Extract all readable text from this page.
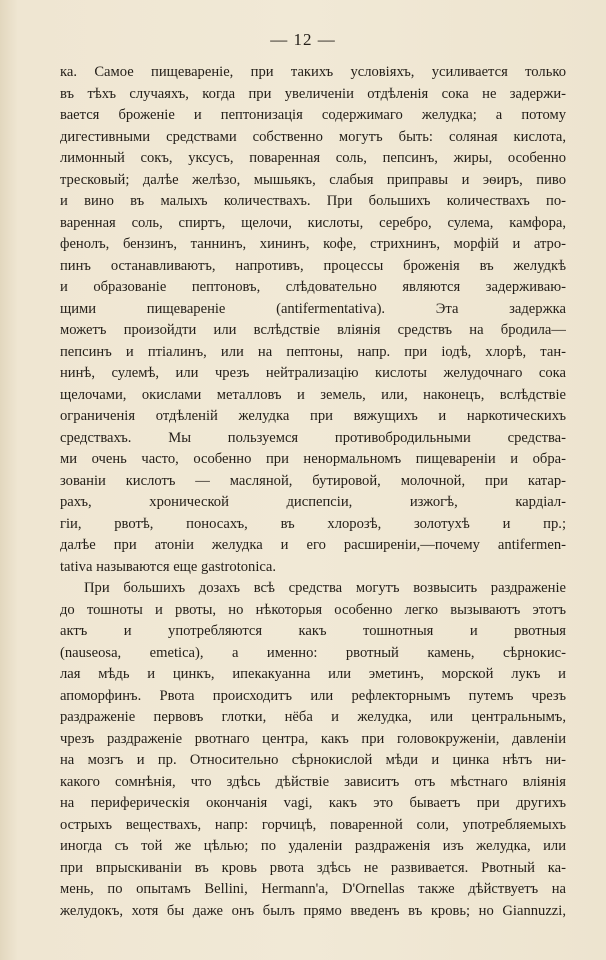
— 12 —
ка. Самое пищевареніе, при такихъ условіяхъ, усиливается только
въ тѣхъ случаяхъ, когда при увеличеніи отдѣленія сока не задержи-
вается броженіе и пептонизація содержимаго желудка; а потому
дигестивными средствами собственно могутъ быть: соляная кислота,
лимонный сокъ, уксусъ, поваренная соль, пепсинъ, жиры, особенно
тресковый; далѣе желѣзо, мышьякъ, слабыя приправы и эѳиръ, пиво
и вино въ малыхъ количествахъ. При большихъ количествахъ по-
варенная соль, спиртъ, щелочи, кислоты, серебро, сулема, камфора,
фенолъ, бензинъ, таннинъ, хининъ, кофе, стрихнинъ, морфій и атро-
пинъ останавливаютъ, напротивъ, процессы броженія въ желудкѣ
и образованіе пептоновъ, слѣдовательно являются задерживаю-
щими пищевареніе (antifermentativa). Эта задержка
можетъ произойдти или вслѣдствіе вліянія средствъ на бродила—
пепсинъ и птіалинъ, или на пептоны, напр. при іодѣ, хлорѣ, тан-
нинѣ, сулемѣ, или чрезъ нейтрализацію кислоты желудочнаго сока
щелочами, окислами металловъ и земель, или, наконецъ, вслѣдствіе
ограниченія отдѣленій желудка при вяжущихъ и наркотическихъ
средствахъ. Мы пользуемся противобродильными средства-
ми очень часто, особенно при ненормальномъ пищевареніи и обра-
зованіи кислотъ — масляной, бутировой, молочной, при катар-
рахъ, хронической диспепсіи, изжогѣ, кардіал-
гіи, рвотѣ, поносахъ, въ хлорозѣ, золотухѣ и пр.;
далѣе при атоніи желудка и его расширеніи,—почему antifermen-
tativa называются еще gastrotonica.
При большихъ дозахъ всѣ средства могутъ возвысить раздраженіе
до тошноты и рвоты, но нѣкоторыя особенно легко вызываютъ этотъ
актъ и употребляются какъ тошнотныя и рвотныя
(nauseosa, emetica), а именно: рвотный камень, сѣрнокис-
лая мѣдь и цинкъ, ипекакуанна или эметинъ, морской лукъ и
апоморфинъ. Рвота происходитъ или рефлекторнымъ путемъ чрезъ
раздраженіе первовъ глотки, нёба и желудка, или центральнымъ,
чрезъ раздраженіе рвотнаго центра, какъ при головокруженіи, давленіи
на мозгъ и пр. Относительно сѣрнокислой мѣди и цинка нѣтъ ни-
какого сомнѣнія, что здѣсь дѣйствіе зависитъ отъ мѣстнаго вліянія
на периферическія окончанія vagi, какъ это бываетъ при другихъ
острыхъ веществахъ, напр: горчицѣ, поваренной соли, употребляемыхъ
иногда съ той же цѣлью; по удаленіи раздраженія изъ желудка, или
при впрыскиваніи въ кровь рвота здѣсь не развивается. Рвотный ка-
мень, по опытамъ Bellini, Hermann'a, D'Ornellas также дѣйствуетъ на
желудокъ, хотя бы даже онъ былъ прямо введенъ въ кровь; но Giannuzzi,
